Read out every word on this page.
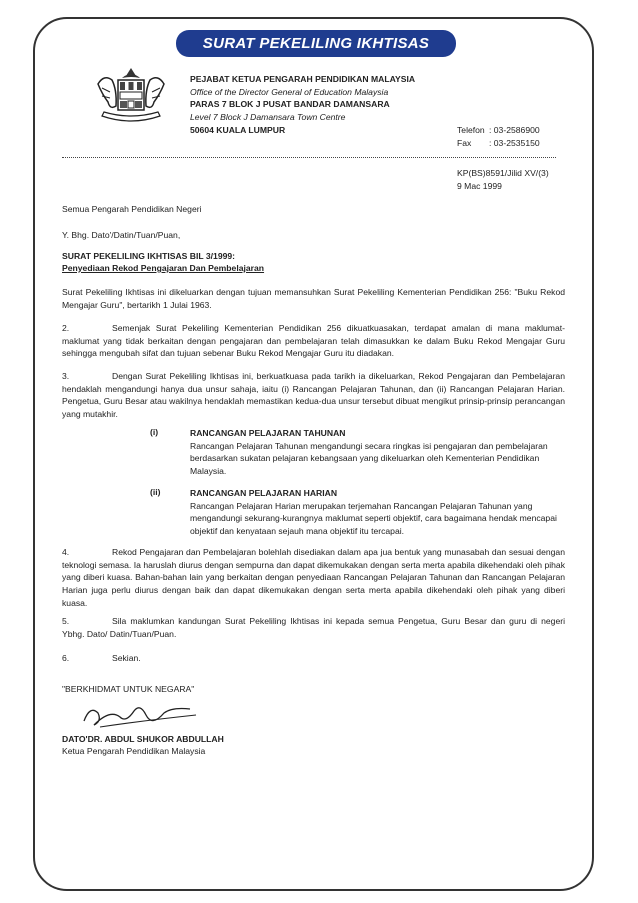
SURAT PEKELILING IKHTISAS
PEJABAT KETUA PENGARAH PENDIDIKAN MALAYSIA
Office of the Director General of Education Malaysia
PARAS 7 BLOK J PUSAT BANDAR DAMANSARA
Level 7 Block J Damansara Town Centre
50604 KUALA LUMPUR	Telefon : 03-2586900
Fax : 03-2535150
KP(BS)8591/Jilid XV/(3)
9 Mac 1999
Semua Pengarah Pendidikan Negeri
Y. Bhg. Dato'/Datin/Tuan/Puan,
SURAT PEKELILING IKHTISAS BIL 3/1999:
Penyediaan Rekod Pengajaran Dan Pembelajaran
Surat Pekeliling Ikhtisas ini dikeluarkan dengan tujuan memansuhkan Surat Pekeliling Kementerian Pendidikan 256: "Buku Rekod Mengajar Guru", bertarikh 1 Julai 1963.
2.	Semenjak Surat Pekeliling Kementerian Pendidikan 256 dikuatkuasakan, terdapat amalan di mana maklumat-maklumat yang tidak berkaitan dengan pengajaran dan pembelajaran telah dimasukkan ke dalam Buku Rekod Mengajar Guru sehingga mengubah sifat dan tujuan sebenar Buku Rekod Mengajar Guru itu diadakan.
3.	Dengan Surat Pekeliling Ikhtisas ini, berkuatkuasa pada tarikh ia dikeluarkan, Rekod Pengajaran dan Pembelajaran hendaklah mengandungi hanya dua unsur sahaja, iaitu (i) Rancangan Pelajaran Tahunan, dan (ii) Rancangan Pelajaran Harian. Pengetua, Guru Besar atau wakilnya hendaklah memastikan kedua-dua unsur tersebut dibuat mengikut prinsip-prinsip perancangan yang mutakhir.
(i)	RANCANGAN PELAJARAN TAHUNAN
Rancangan Pelajaran Tahunan mengandungi secara ringkas isi pengajaran dan pembelajaran berdasarkan sukatan pelajaran kebangsaan yang dikeluarkan oleh Kementerian Pendidikan Malaysia.
(ii)	RANCANGAN PELAJARAN HARIAN
Rancangan Pelajaran Harian merupakan terjemahan Rancangan Pelajaran Tahunan yang mengandungi sekurang-kurangnya maklumat seperti objektif, cara bagaimana hendak mencapai objektif dan kenyataan sejauh mana objektif itu tercapai.
4.	Rekod Pengajaran dan Pembelajaran bolehlah disediakan dalam apa jua bentuk yang munasabah dan sesuai dengan teknologi semasa. Ia haruslah diurus dengan sempurna dan dapat dikemukakan dengan serta merta apabila dikehendaki oleh pihak yang diberi kuasa. Bahan-bahan lain yang berkaitan dengan penyediaan Rancangan Pelajaran Tahunan dan Rancangan Pelajaran Harian juga perlu diurus dengan baik dan dapat dikemukakan dengan serta merta apabila dikehendaki oleh pihak yang diberi kuasa.
5.	Sila maklumkan kandungan Surat Pekeliling Ikhtisas ini kepada semua Pengetua, Guru Besar dan guru di negeri Ybhg. Dato/ Datin/Tuan/Puan.
6.	Sekian.
"BERKHIDMAT UNTUK NEGARA"
DATO'DR. ABDUL SHUKOR ABDULLAH
Ketua Pengarah Pendidikan Malaysia
